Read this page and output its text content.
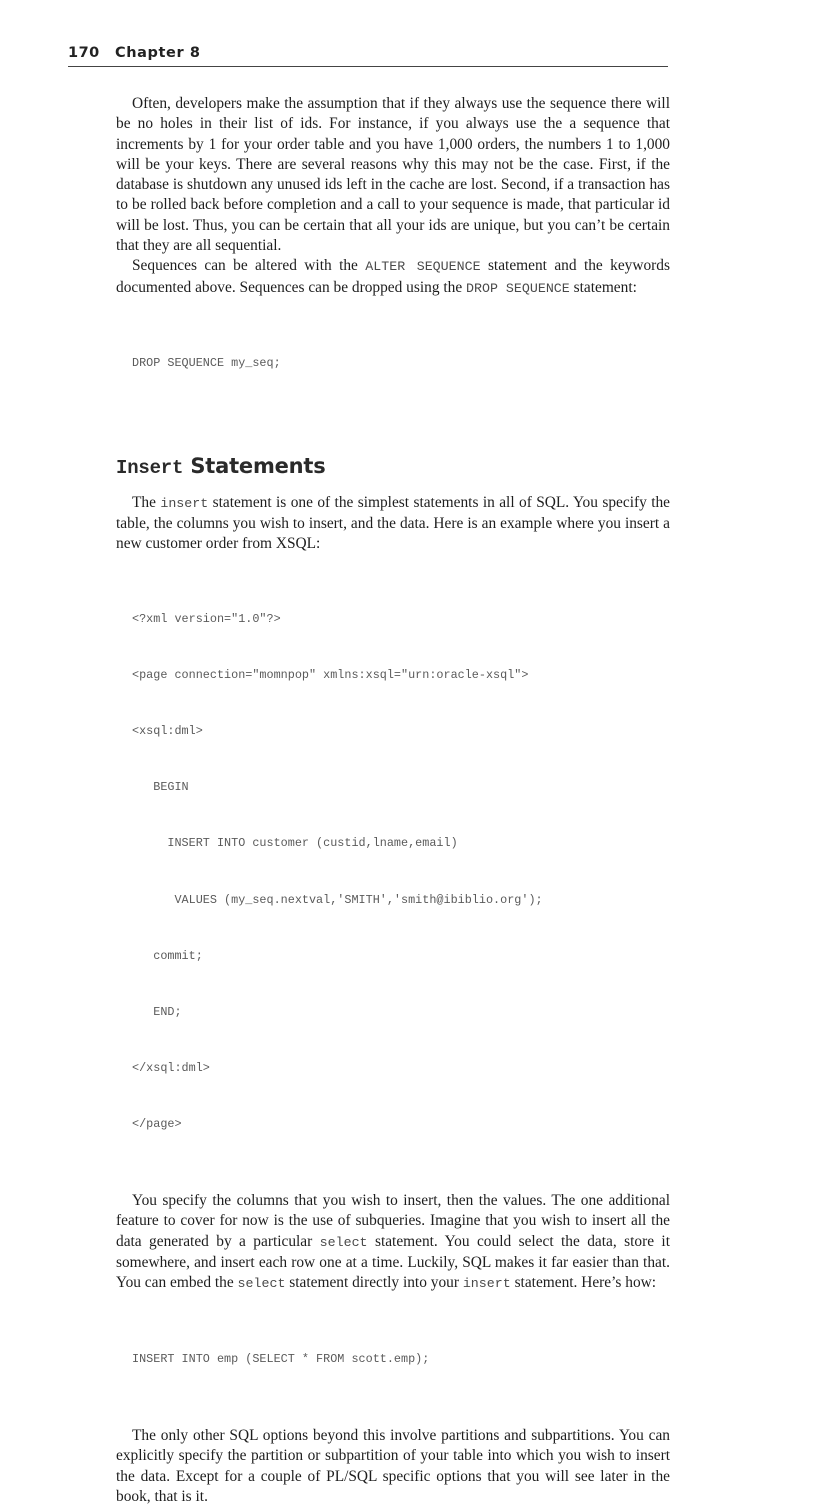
170 Chapter 8

Often, developers make the assumption that if they always use the sequence there will be no holes in their list of ids. For instance, if you always use the a sequence that increments by 1 for your order table and you have 1,000 orders, the numbers 1 to 1,000 will be your keys. There are several reasons why this may not be the case. First, if the database is shutdown any unused ids left in the cache are lost. Second, if a transaction has to be rolled back before completion and a call to your sequence is made, that particular id will be lost. Thus, you can be certain that all your ids are unique, but you can’t be certain that they are all sequential.

Sequences can be altered with the ALTER SEQUENCE statement and the keywords documented above. Sequences can be dropped using the DROP SEQUENCE statement:

DROP SEQUENCE my_seq;

Insert Statements

The insert statement is one of the simplest statements in all of SQL. You specify the table, the columns you wish to insert, and the data. Here is an example where you insert a new customer order from XSQL:

<?xml version="1.0"?>

<page connection="momnpop" xmlns:xsql="urn:oracle-xsql">

<xsql:dml>

BEGIN

INSERT INTO customer (custid,lname,email)

VALUES (my_seq.nextval,'SMITH','smith@ibiblio.org');

commit;

END;

</xsql:dml>

</page>

You specify the columns that you wish to insert, then the values. The one additional feature to cover for now is the use of subqueries. Imagine that you wish to insert all the data generated by a particular select statement. You could select the data, store it somewhere, and insert each row one at a time. Luckily, SQL makes it far easier than that. You can embed the select statement directly into your insert statement. Here’s how:

INSERT INTO emp (SELECT * FROM scott.emp);

The only other SQL options beyond this involve partitions and subpartitions. You can explicitly specify the partition or subpartition of your table into which you wish to insert the data. Except for a couple of PL/SQL specific options that you will see later in the book, that is it.
